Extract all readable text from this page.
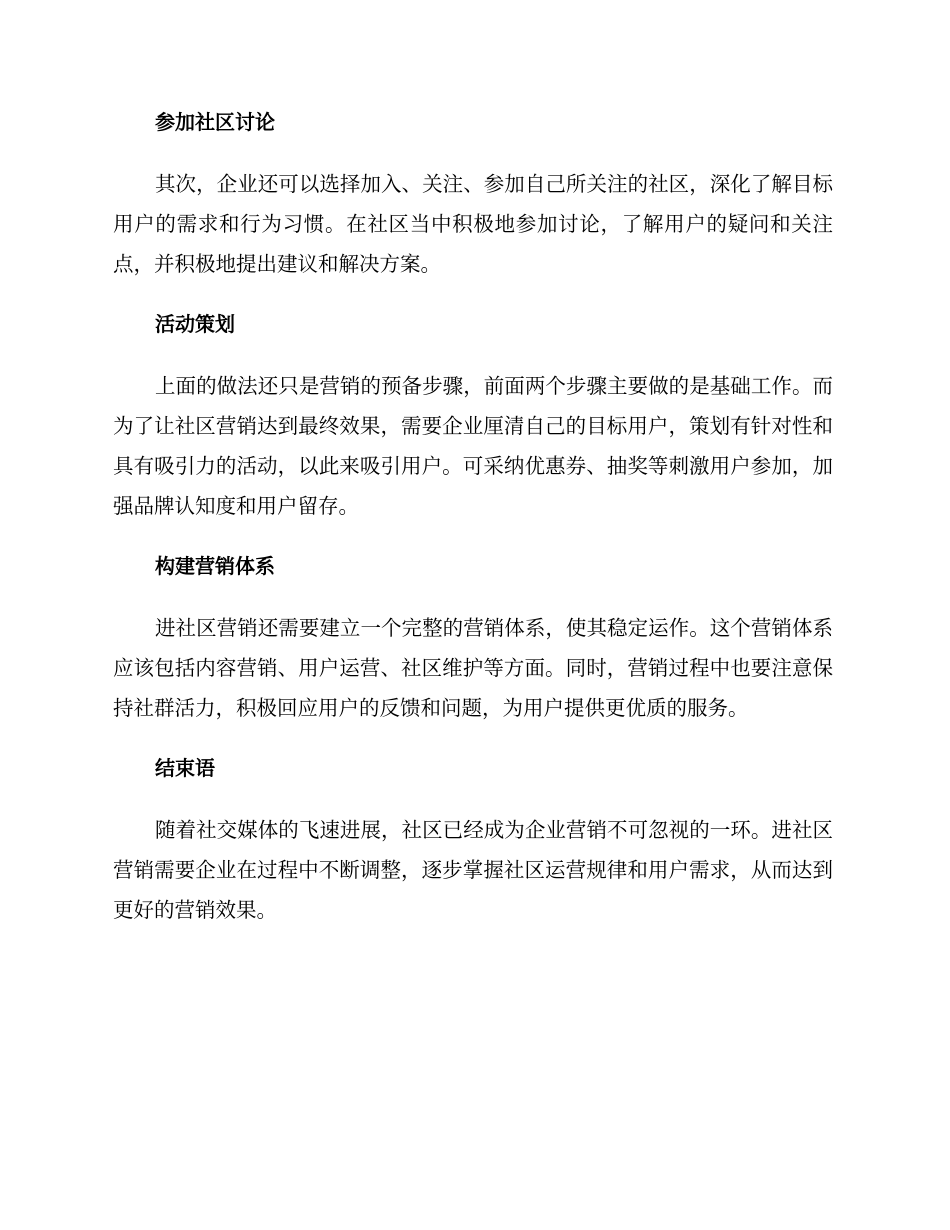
参加社区讨论

其次，企业还可以选择加入、关注、参加自己所关注的社区，深化了解目标用户的需求和行为习惯。在社区当中积极地参加讨论，了解用户的疑问和关注点，并积极地提出建议和解决方案。

活动策划

上面的做法还只是营销的预备步骤，前面两个步骤主要做的是基础工作。而为了让社区营销达到最终效果，需要企业厘清自己的目标用户，策划有针对性和具有吸引力的活动，以此来吸引用户。可采纳优惠券、抽奖等刺激用户参加，加强品牌认知度和用户留存。

构建营销体系

进社区营销还需要建立一个完整的营销体系，使其稳定运作。这个营销体系应该包括内容营销、用户运营、社区维护等方面。同时，营销过程中也要注意保持社群活力，积极回应用户的反馈和问题，为用户提供更优质的服务。

结束语

随着社交媒体的飞速进展，社区已经成为企业营销不可忽视的一环。进社区营销需要企业在过程中不断调整，逐步掌握社区运营规律和用户需求，从而达到更好的营销效果。
